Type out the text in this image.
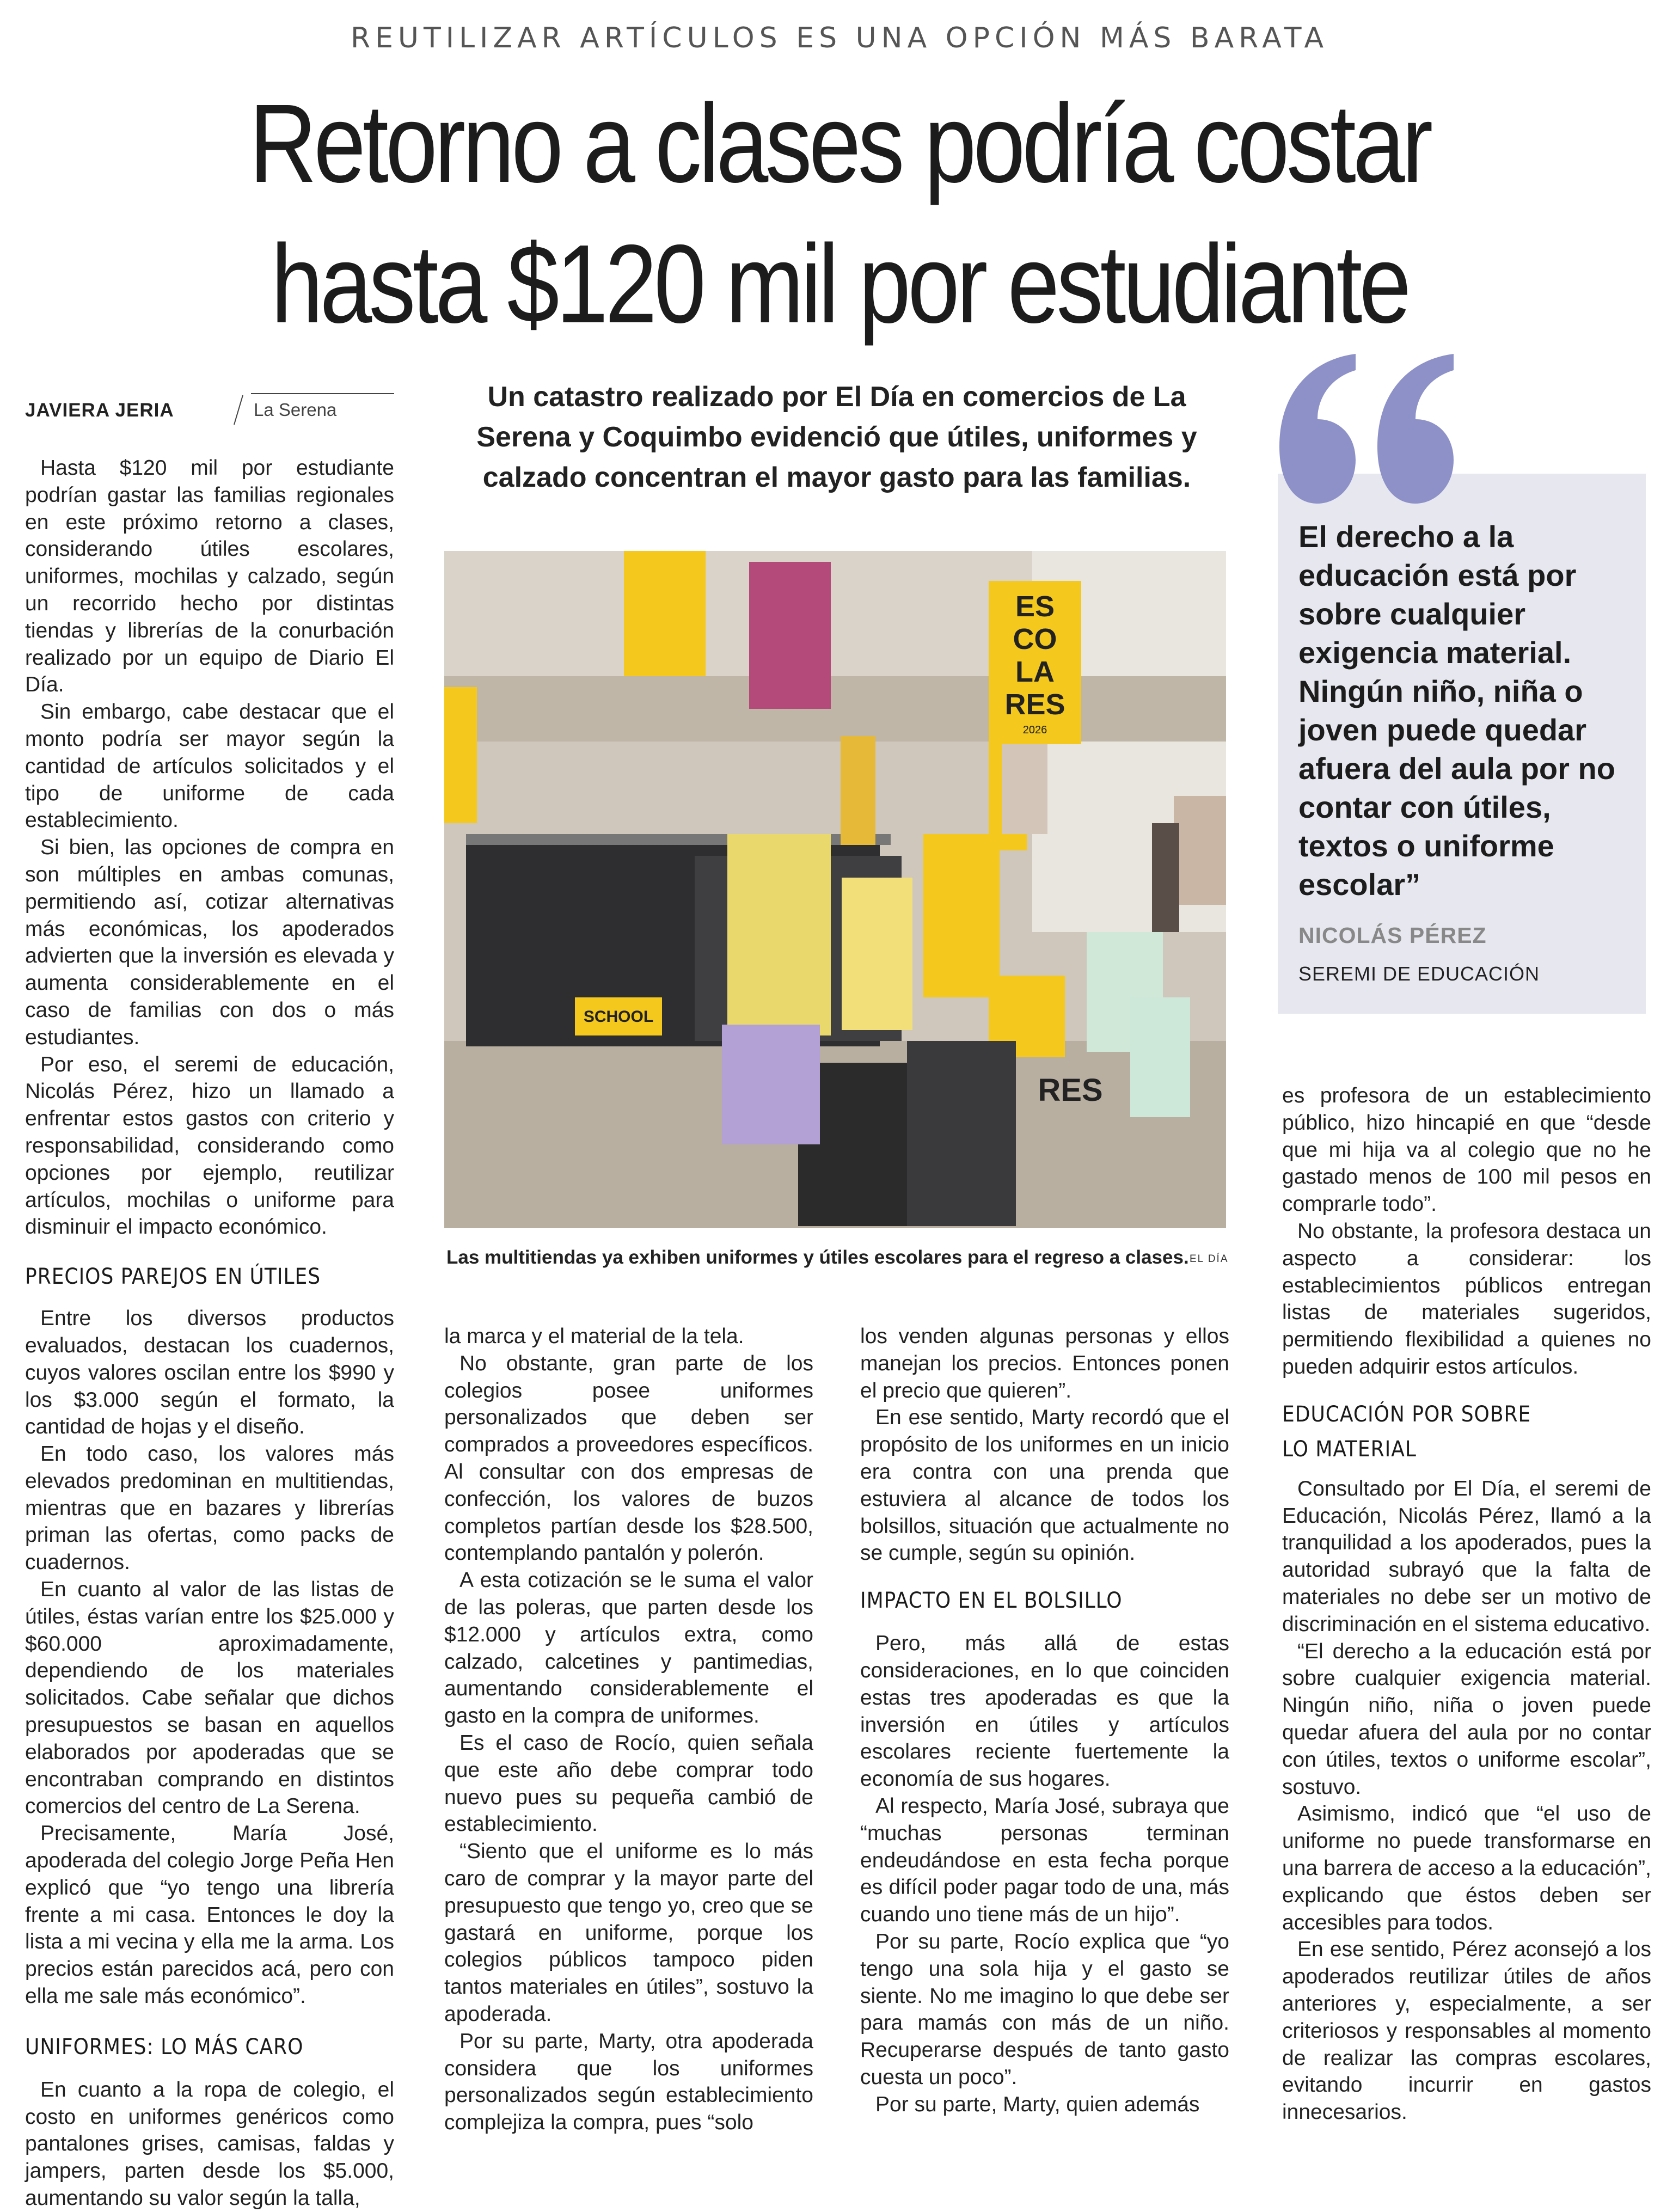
REUTILIZAR ARTÍCULOS ES UNA OPCIÓN MÁS BARATA
Retorno a clases podría costar
hasta $120 mil por estudiante
JAVIERA JERIA	La Serena	Un catastro realizado por El Día en comercios de La Serena y Coquimbo evidenció que útiles, uniformes y calzado concentran el mayor gasto para las familias.
ES
CO
LA
RES
2026
SCHOOL
RES
Las multitiendas ya exhiben uniformes y útiles escolares para el regreso a clases. EL DÍA
El derecho a la educación está por sobre cualquier exigencia material. Ningún niño, niña o joven puede quedar afuera del aula por no contar con útiles, textos o uniforme escolar”
NICOLÁS PÉREZ
SEREMI DE EDUCACIÓN

Hasta $120 mil por estudiante podrían gastar las familias regionales en este próximo retorno a clases, considerando útiles escolares, uniformes, mochilas y calzado, según un recorrido hecho por distintas tiendas y librerías de la conurbación realizado por un equipo de Diario El Día.

Sin embargo, cabe destacar que el monto podría ser mayor según la cantidad de artículos solicitados y el tipo de uniforme de cada establecimiento.

Si bien, las opciones de compra en son múltiples en ambas comunas, permitiendo así, cotizar alternativas más económicas, los apoderados advierten que la inversión es elevada y aumenta considerablemente en el caso de familias con dos o más estudiantes.

Por eso, el seremi de educación, Nicolás Pérez, hizo un llamado a enfrentar estos gastos con criterio y responsabilidad, considerando como opciones por ejemplo, reutilizar artículos, mochilas o uniforme para disminuir el impacto económico.

PRECIOS PAREJOS EN ÚTILES

Entre los diversos productos evaluados, destacan los cuadernos, cuyos valores oscilan entre los $990 y los $3.000 según el formato, la cantidad de hojas y el diseño.

En todo caso, los valores más elevados predominan en multitiendas, mientras que en bazares y librerías priman las ofertas, como packs de cuadernos.

En cuanto al valor de las listas de útiles, éstas varían entre los $25.000 y $60.000 aproximadamente, dependiendo de los materiales solicitados. Cabe señalar que dichos presupuestos se basan en aquellos elaborados por apoderadas que se encontraban comprando en distintos comercios del centro de La Serena.

Precisamente, María José, apoderada del colegio Jorge Peña Hen explicó que “yo tengo una librería frente a mi casa. Entonces le doy la lista a mi vecina y ella me la arma. Los precios están parecidos acá, pero con ella me sale más económico”.

UNIFORMES: LO MÁS CARO

En cuanto a la ropa de colegio, el costo en uniformes genéricos como pantalones grises, camisas, faldas y jampers, parten desde los $5.000, aumentando su valor según la talla,

la marca y el material de la tela.

No obstante, gran parte de los colegios posee uniformes personalizados que deben ser comprados a proveedores específicos. Al consultar con dos empresas de confección, los valores de buzos completos partían desde los $28.500, contemplando pantalón y polerón.

A esta cotización se le suma el valor de las poleras, que parten desde los $12.000 y artículos extra, como calzado, calcetines y pantimedias, aumentando considerablemente el gasto en la compra de uniformes.

Es el caso de Rocío, quien señala que este año debe comprar todo nuevo pues su pequeña cambió de establecimiento.

“Siento que el uniforme es lo más caro de comprar y la mayor parte del presupuesto que tengo yo, creo que se gastará en uniforme, porque los colegios públicos tampoco piden tantos materiales en útiles”, sostuvo la apoderada.

Por su parte, Marty, otra apoderada considera que los uniformes personalizados según establecimiento complejiza la compra, pues “solo

los venden algunas personas y ellos manejan los precios. Entonces ponen el precio que quieren”.

En ese sentido, Marty recordó que el propósito de los uniformes en un inicio era contra con una prenda que estuviera al alcance de todos los bolsillos, situación que actualmente no se cumple, según su opinión.

IMPACTO EN EL BOLSILLO

Pero, más allá de estas consideraciones, en lo que coinciden estas tres apoderadas es que la inversión en útiles y artículos escolares reciente fuertemente la economía de sus hogares.

Al respecto, María José, subraya que “muchas personas terminan endeudándose en esta fecha porque es difícil poder pagar todo de una, más cuando uno tiene más de un hijo”.

Por su parte, Rocío explica que “yo tengo una sola hija y el gasto se siente. No me imagino lo que debe ser para mamás con más de un niño. Recuperarse después de tanto gasto cuesta un poco”.

Por su parte, Marty, quien además

es profesora de un establecimiento público, hizo hincapié en que “desde que mi hija va al colegio que no he gastado menos de 100 mil pesos en comprarle todo”.

No obstante, la profesora destaca un aspecto a considerar: los establecimientos públicos entregan listas de materiales sugeridos, permitiendo flexibilidad a quienes no pueden adquirir estos artículos.

EDUCACIÓN POR SOBRE
LO MATERIAL

Consultado por El Día, el seremi de Educación, Nicolás Pérez, llamó a la tranquilidad a los apoderados, pues la autoridad subrayó que la falta de materiales no debe ser un motivo de discriminación en el sistema educativo.

“El derecho a la educación está por sobre cualquier exigencia material. Ningún niño, niña o joven puede quedar afuera del aula por no contar con útiles, textos o uniforme escolar”, sostuvo.

Asimismo, indicó que “el uso de uniforme no puede transformarse en una barrera de acceso a la educación”, explicando que éstos deben ser accesibles para todos.

En ese sentido, Pérez aconsejó a los apoderados reutilizar útiles de años anteriores y, especialmente, a ser criteriosos y responsables al momento de realizar las compras escolares, evitando incurrir en gastos innecesarios.
